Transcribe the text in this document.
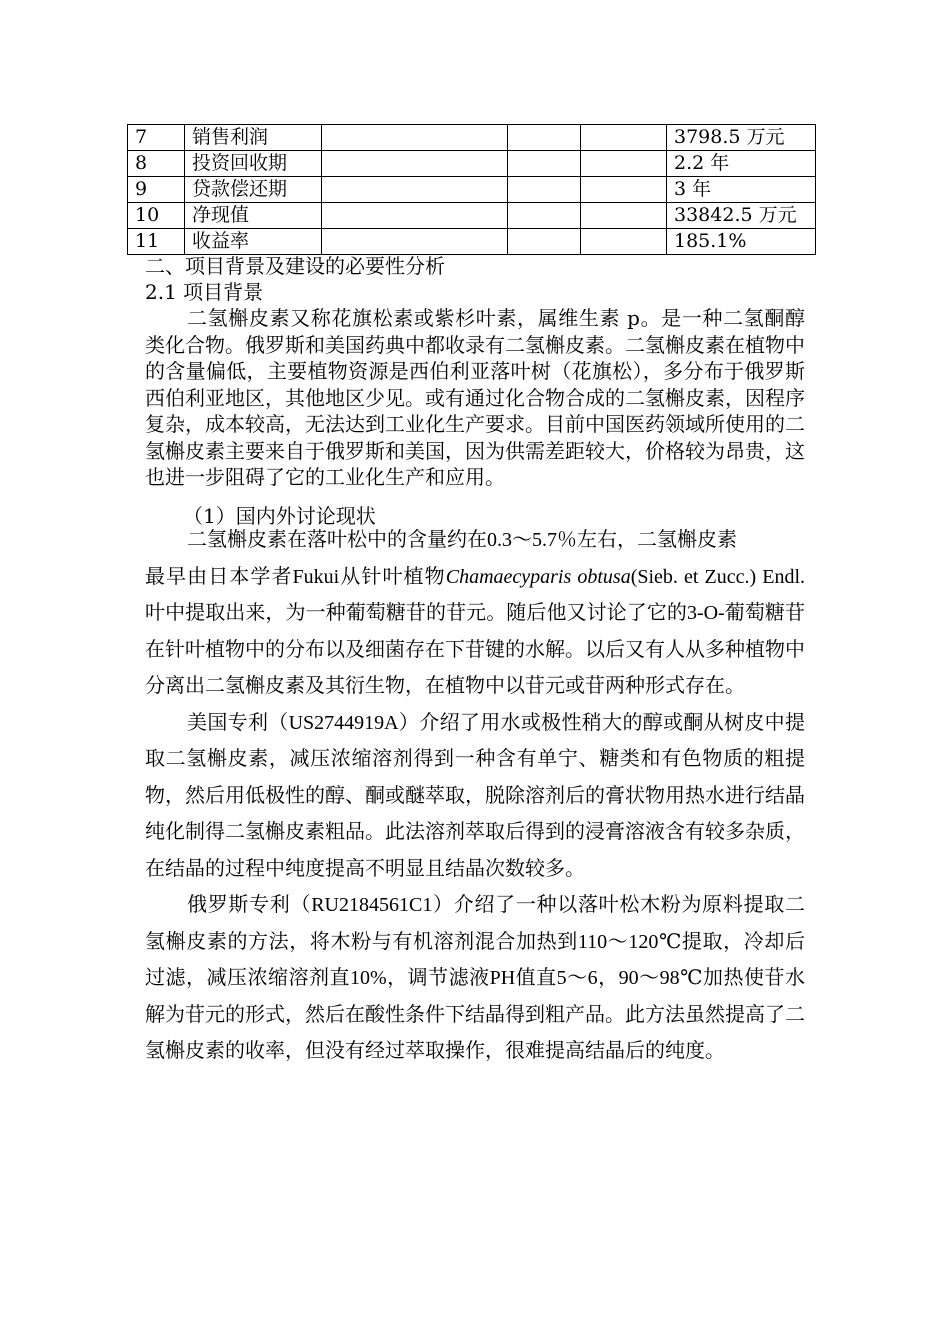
7	销售利润				3798.5 万元
8	投资回收期				2.2 年
9	贷款偿还期				3 年
10	净现值				33842.5 万元
11	收益率				185.1%

二、项目背景及建设的必要性分析

2.1 项目背景

二氢槲皮素又称花旗松素或紫杉叶素，属维生素 p。是一种二氢酮醇类化合物。俄罗斯和美国药典中都收录有二氢槲皮素。二氢槲皮素在植物中的含量偏低，主要植物资源是西伯利亚落叶树（花旗松），多分布于俄罗斯西伯利亚地区，其他地区少见。或有通过化合物合成的二氢槲皮素，因程序复杂，成本较高，无法达到工业化生产要求。目前中国医药领域所使用的二氢槲皮素主要来自于俄罗斯和美国，因为供需差距较大，价格较为昂贵，这也进一步阻碍了它的工业化生产和应用。

（1）国内外讨论现状

二氢槲皮素在落叶松中的含量约在0.3～5.7％左右，二氢槲皮素

最早由日本学者Fukui从针叶植物Chamaecyparis obtusa(Sieb. et Zucc.) Endl.叶中提取出来，为一种葡萄糖苷的苷元。随后他又讨论了它的3-O-葡萄糖苷在针叶植物中的分布以及细菌存在下苷键的水解。以后又有人从多种植物中分离出二氢槲皮素及其衍生物，在植物中以苷元或苷两种形式存在。

美国专利（US2744919A）介绍了用水或极性稍大的醇或酮从树皮中提取二氢槲皮素，减压浓缩溶剂得到一种含有单宁、糖类和有色物质的粗提物，然后用低极性的醇、酮或醚萃取，脱除溶剂后的膏状物用热水进行结晶纯化制得二氢槲皮素粗品。此法溶剂萃取后得到的浸膏溶液含有较多杂质，在结晶的过程中纯度提高不明显且结晶次数较多。

俄罗斯专利（RU2184561C1）介绍了一种以落叶松木粉为原料提取二氢槲皮素的方法，将木粉与有机溶剂混合加热到110～120℃提取，冷却后过滤，减压浓缩溶剂直10%，调节滤液PH值直5～6，90～98℃加热使苷水解为苷元的形式，然后在酸性条件下结晶得到粗产品。此方法虽然提高了二氢槲皮素的收率，但没有经过萃取操作，很难提高结晶后的纯度。
